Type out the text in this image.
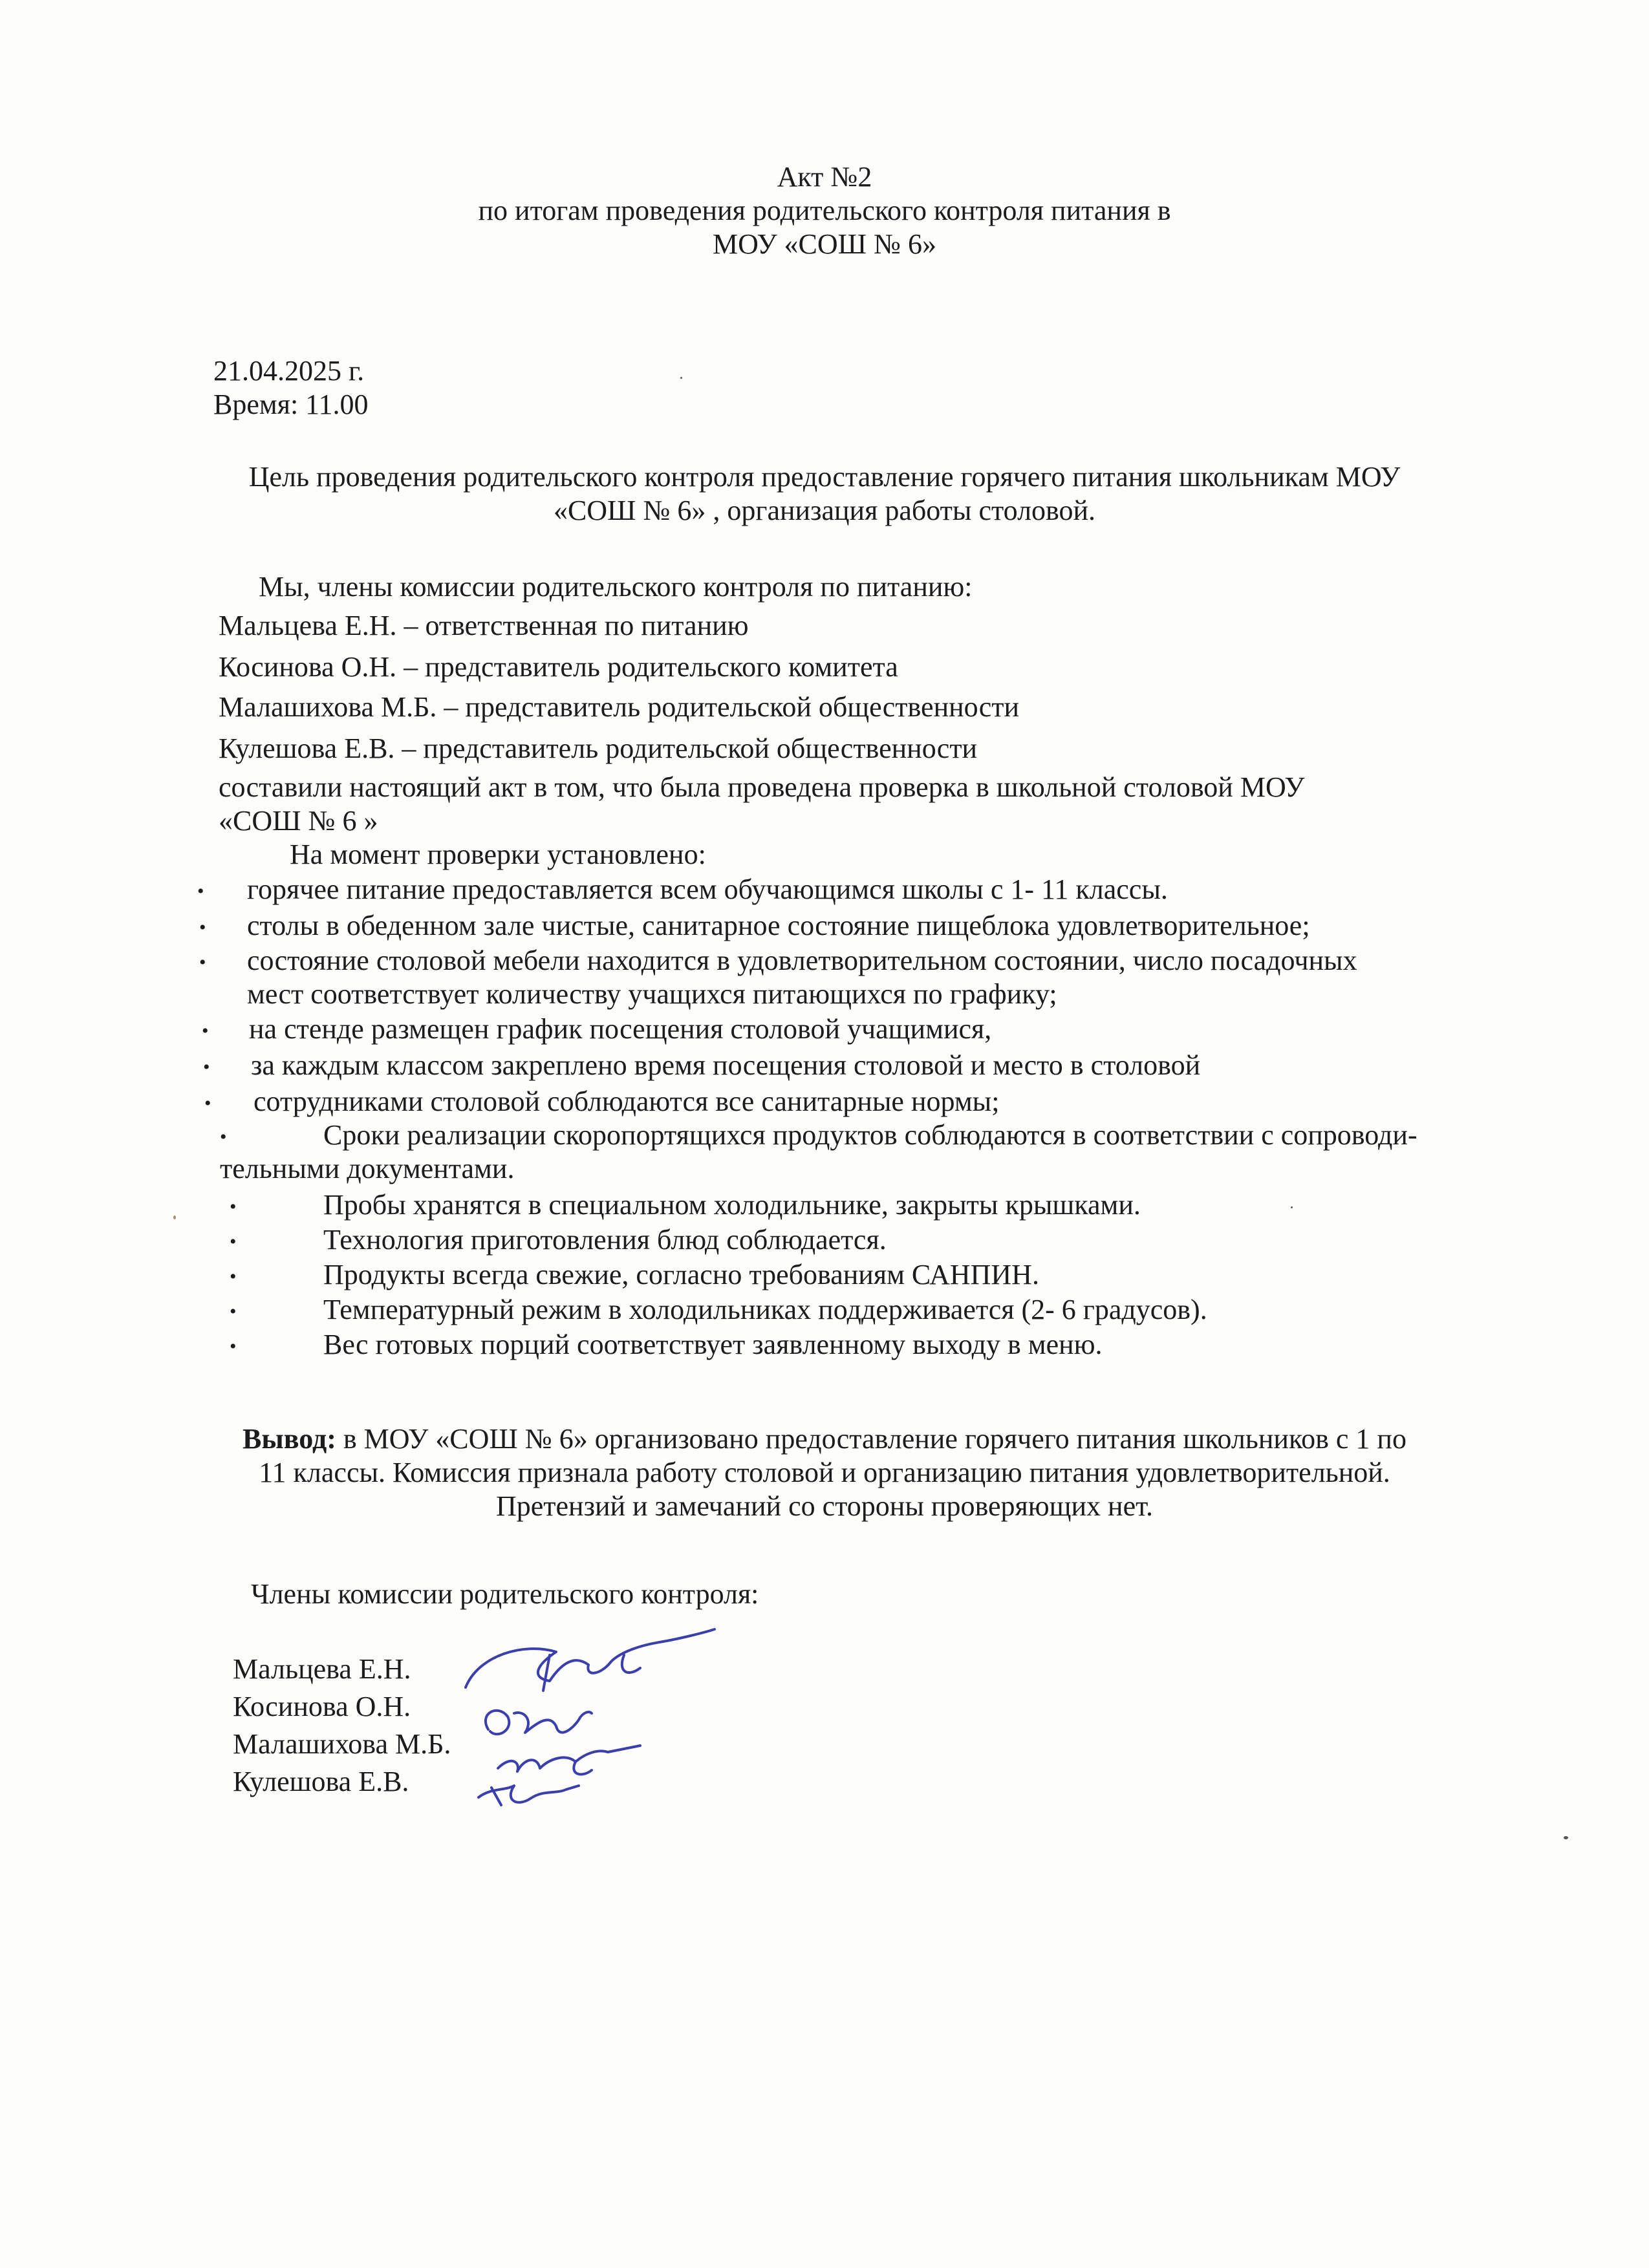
Акт №2
по итогам проведения родительского контроля питания в
МОУ «СОШ № 6»
21.04.2025 г.
Время: 11.00
Цель проведения родительского контроля предоставление горячего питания школьникам МОУ
«СОШ № 6» , организация работы столовой.
Мы, члены комиссии родительского контроля по питанию:
Мальцева Е.Н. – ответственная по питанию
Косинова О.Н. – представитель родительского комитета
Малашихова М.Б. – представитель родительской общественности
Кулешова Е.В. – представитель родительской общественности
составили настоящий акт в том, что была проведена проверка в школьной столовой МОУ
«СОШ № 6 »
На момент проверки установлено:
• горячее питание предоставляется всем обучающимся школы с 1- 11 классы.
• столы в обеденном зале чистые, санитарное состояние пищеблока удовлетворительное;
• состояние столовой мебели находится в удовлетворительном состоянии, число посадочных
мест соответствует количеству учащихся питающихся по графику;
• на стенде размещен график посещения столовой учащимися,
• за каждым классом закреплено время посещения столовой и место в столовой
• сотрудниками столовой соблюдаются все санитарные нормы;
•	Сроки реализации скоропортящихся продуктов соблюдаются в соответствии с сопроводи-
тельными документами.
•	Пробы хранятся в специальном холодильнике, закрыты крышками.
•	Технология приготовления блюд соблюдается.
•	Продукты всегда свежие, согласно требованиям САНПИН.
•	Температурный режим в холодильниках поддерживается (2- 6 градусов).
•	Вес готовых порций соответствует заявленному выходу в меню.
Вывод: в МОУ «СОШ № 6» организовано предоставление горячего питания школьников с 1 по
11 классы. Комиссия признала работу столовой и организацию питания удовлетворительной.
Претензий и замечаний со стороны проверяющих нет.
Члены комиссии родительского контроля:
Мальцева Е.Н.
Косинова О.Н.
Малашихова М.Б.
Кулешова Е.В.
